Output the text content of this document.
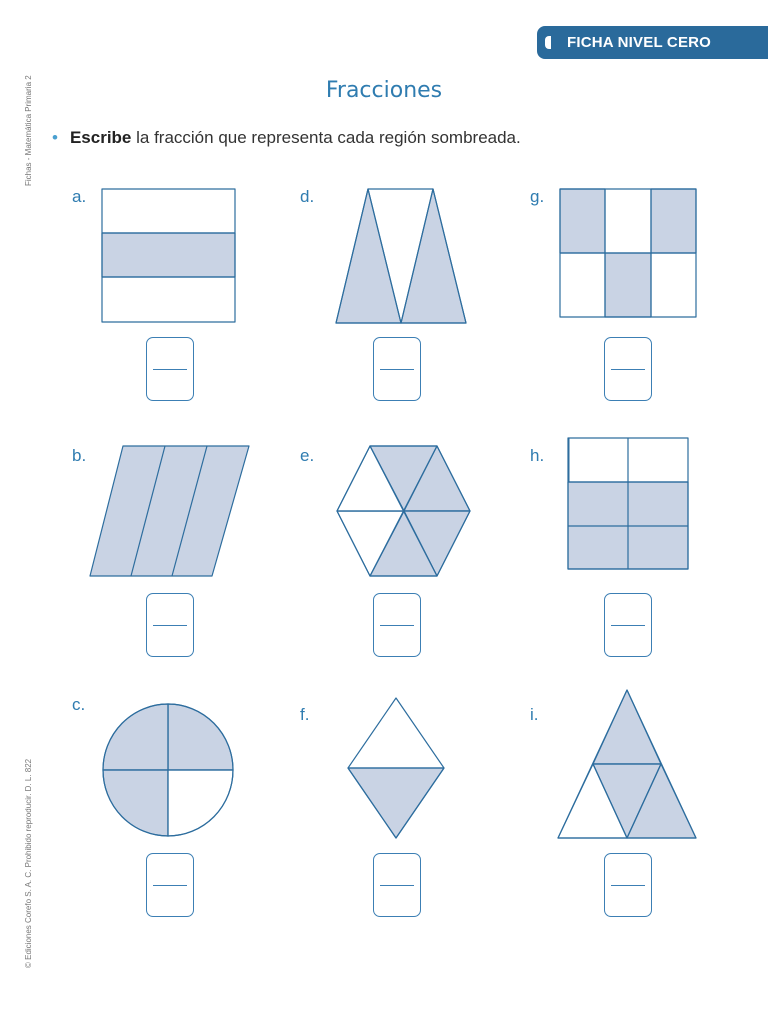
FICHA NIVEL CERO
Fichas - Matemática Primaria 2
© Ediciones Corefo S. A. C. Prohibido reproducir. D. L. 822
Fracciones
• Escribe la fracción que representa cada región sombreada.
a.
b.
c.
d.
e.
f.
g.
h.
i.
